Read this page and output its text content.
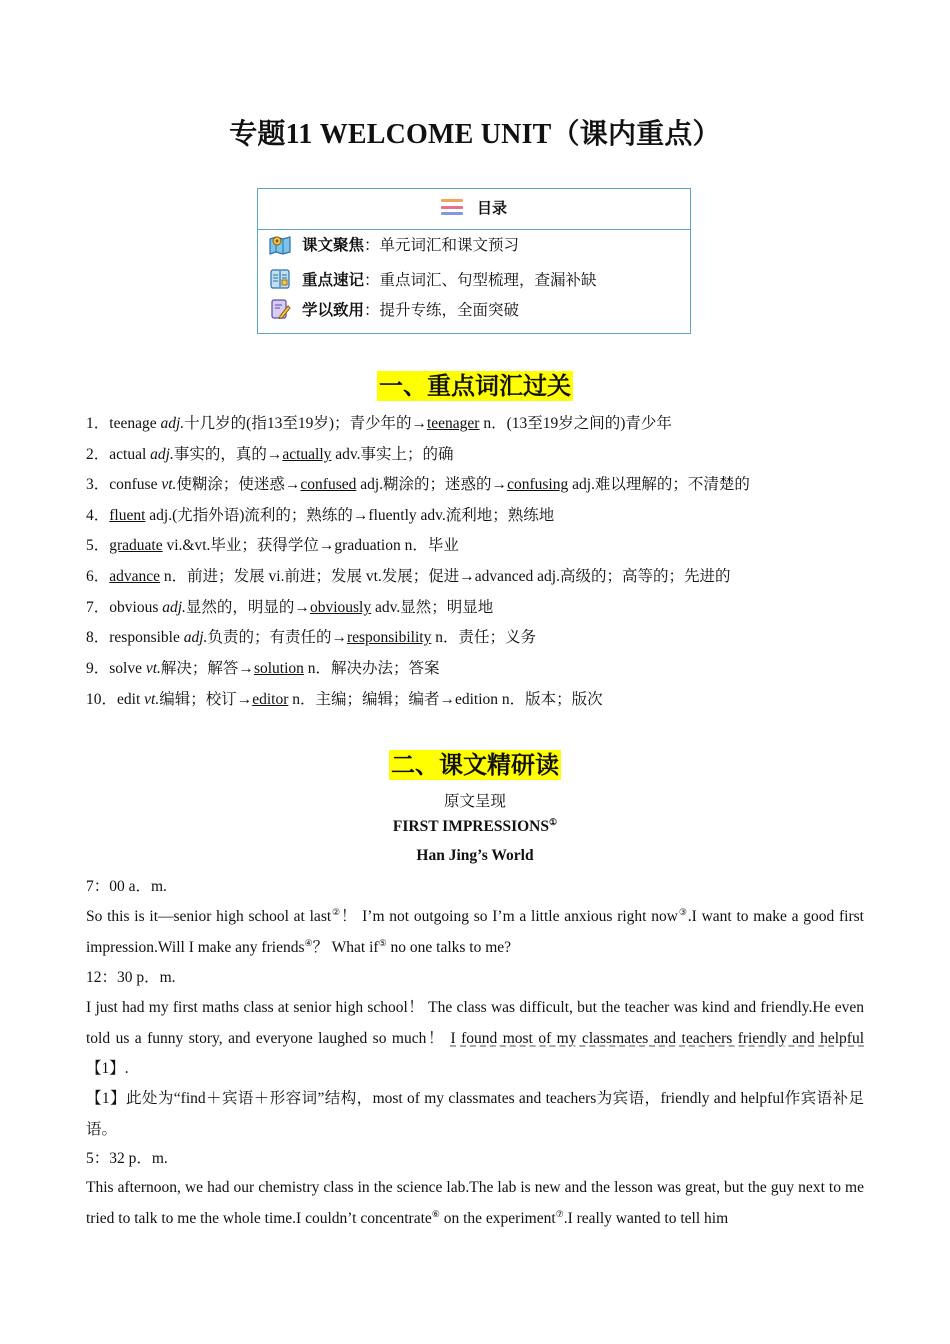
专题11 WELCOME UNIT（课内重点）
目录
课文聚焦 ： 单元词汇和课文预习
重点速记 ： 重点词汇、句型梳理，查漏补缺
学以致用 ： 提升专练，全面突破
一、重点词汇过关
1．teenage adj.十几岁的(指13至19岁)；青少年的→teenager n．(13至19岁之间的)青少年
2．actual adj.事实的，真的→actually adv.事实上；的确
3．confuse vt.使糊涂；使迷惑→confused adj.糊涂的；迷惑的→confusing adj.难以理解的；不清楚的
4．fluent adj.(尤指外语)流利的；熟练的→fluently adv.流利地；熟练地
5．graduate vi.&vt.毕业；获得学位→graduation n．毕业
6．advance n．前进；发展 vi.前进；发展 vt.发展；促进→advanced adj.高级的；高等的；先进的
7．obvious adj.显然的，明显的→obviously adv.显然；明显地
8．responsible adj.负责的；有责任的→responsibility n．责任；义务
9．solve vt.解决；解答→solution n．解决办法；答案
10．edit vt.编辑；校订→editor n．主编；编辑；编者→edition n．版本；版次
二、课文精研读
原文呈现
FIRST IMPRESSIONS①
Han Jing’s World
7：00 a．m.
So this is it—senior high school at last②！ I’m not outgoing so I’m a little anxious right now③.I want to make a good first impression.Will I make any friends④？ What if⑤ no one talks to me?
12：30 p．m.
I just had my first maths class at senior high school！ The class was difficult, but the teacher was kind and friendly.He even told us a funny story, and everyone laughed so much！ I found most of my classmates and teachers friendly and helpful【1】.
【1】此处为“find＋宾语＋形容词”结构，most of my classmates and teachers为宾语，friendly and helpful作宾语补足语。
5：32 p．m.
This afternoon, we had our chemistry class in the science lab.The lab is new and the lesson was great, but the guy next to me tried to talk to me the whole time.I couldn’t concentrate⑥ on the experiment⑦.I really wanted to tell him
